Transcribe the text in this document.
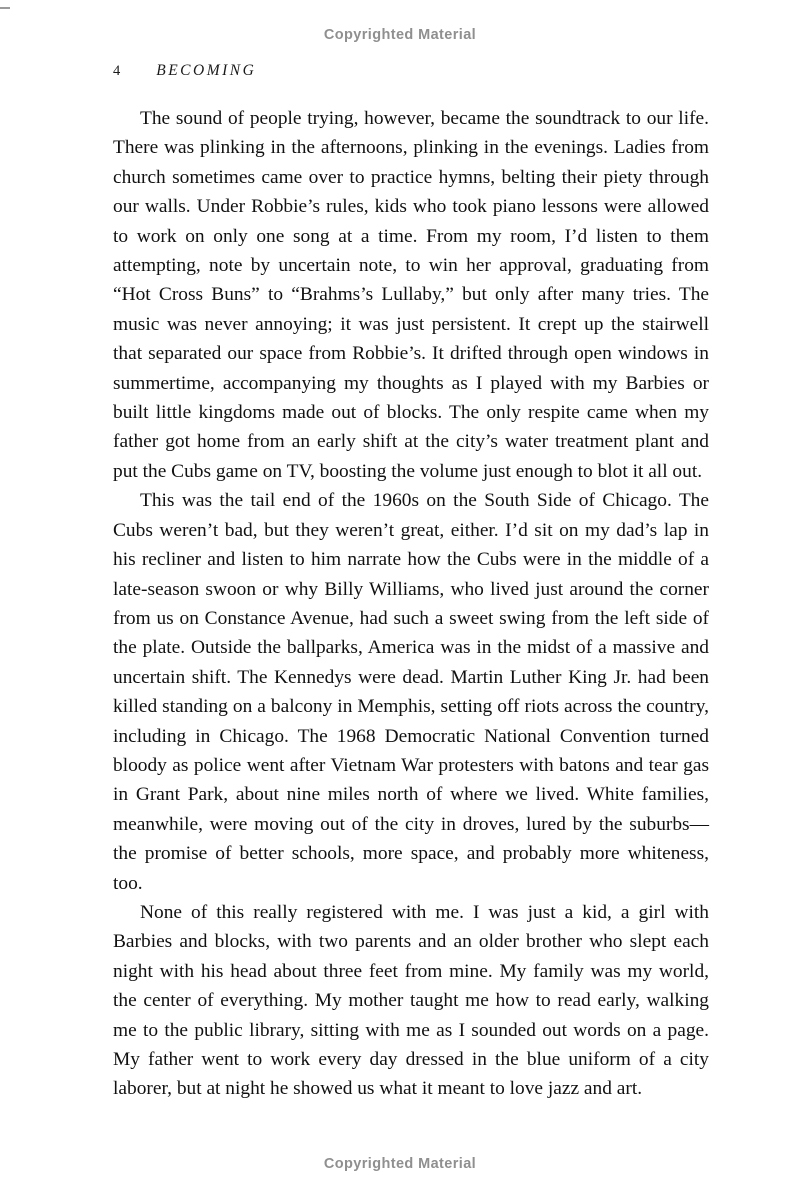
Copyrighted Material
4 BECOMING

The sound of people trying, however, became the soundtrack to our life. There was plinking in the afternoons, plinking in the evenings. Ladies from church sometimes came over to practice hymns, belting their piety through our walls. Under Robbie’s rules, kids who took piano lessons were allowed to work on only one song at a time. From my room, I’d listen to them attempting, note by uncertain note, to win her approval, graduating from “Hot Cross Buns” to “Brahms’s Lullaby,” but only after many tries. The music was never annoying; it was just persistent. It crept up the stairwell that separated our space from Robbie’s. It drifted through open windows in summertime, accompanying my thoughts as I played with my Barbies or built little kingdoms made out of blocks. The only respite came when my father got home from an early shift at the city’s water treatment plant and put the Cubs game on TV, boosting the volume just enough to blot it all out.

This was the tail end of the 1960s on the South Side of Chicago. The Cubs weren’t bad, but they weren’t great, either. I’d sit on my dad’s lap in his recliner and listen to him narrate how the Cubs were in the middle of a late-season swoon or why Billy Williams, who lived just around the corner from us on Constance Avenue, had such a sweet swing from the left side of the plate. Outside the ballparks, America was in the midst of a massive and uncertain shift. The Kennedys were dead. Martin Luther King Jr. had been killed standing on a balcony in Memphis, setting off riots across the country, including in Chicago. The 1968 Democratic National Convention turned bloody as police went after Vietnam War protesters with batons and tear gas in Grant Park, about nine miles north of where we lived. White families, meanwhile, were moving out of the city in droves, lured by the suburbs—the promise of better schools, more space, and probably more whiteness, too.

None of this really registered with me. I was just a kid, a girl with Barbies and blocks, with two parents and an older brother who slept each night with his head about three feet from mine. My family was my world, the center of everything. My mother taught me how to read early, walking me to the public library, sitting with me as I sounded out words on a page. My father went to work every day dressed in the blue uniform of a city laborer, but at night he showed us what it meant to love jazz and art.

Copyrighted Material
